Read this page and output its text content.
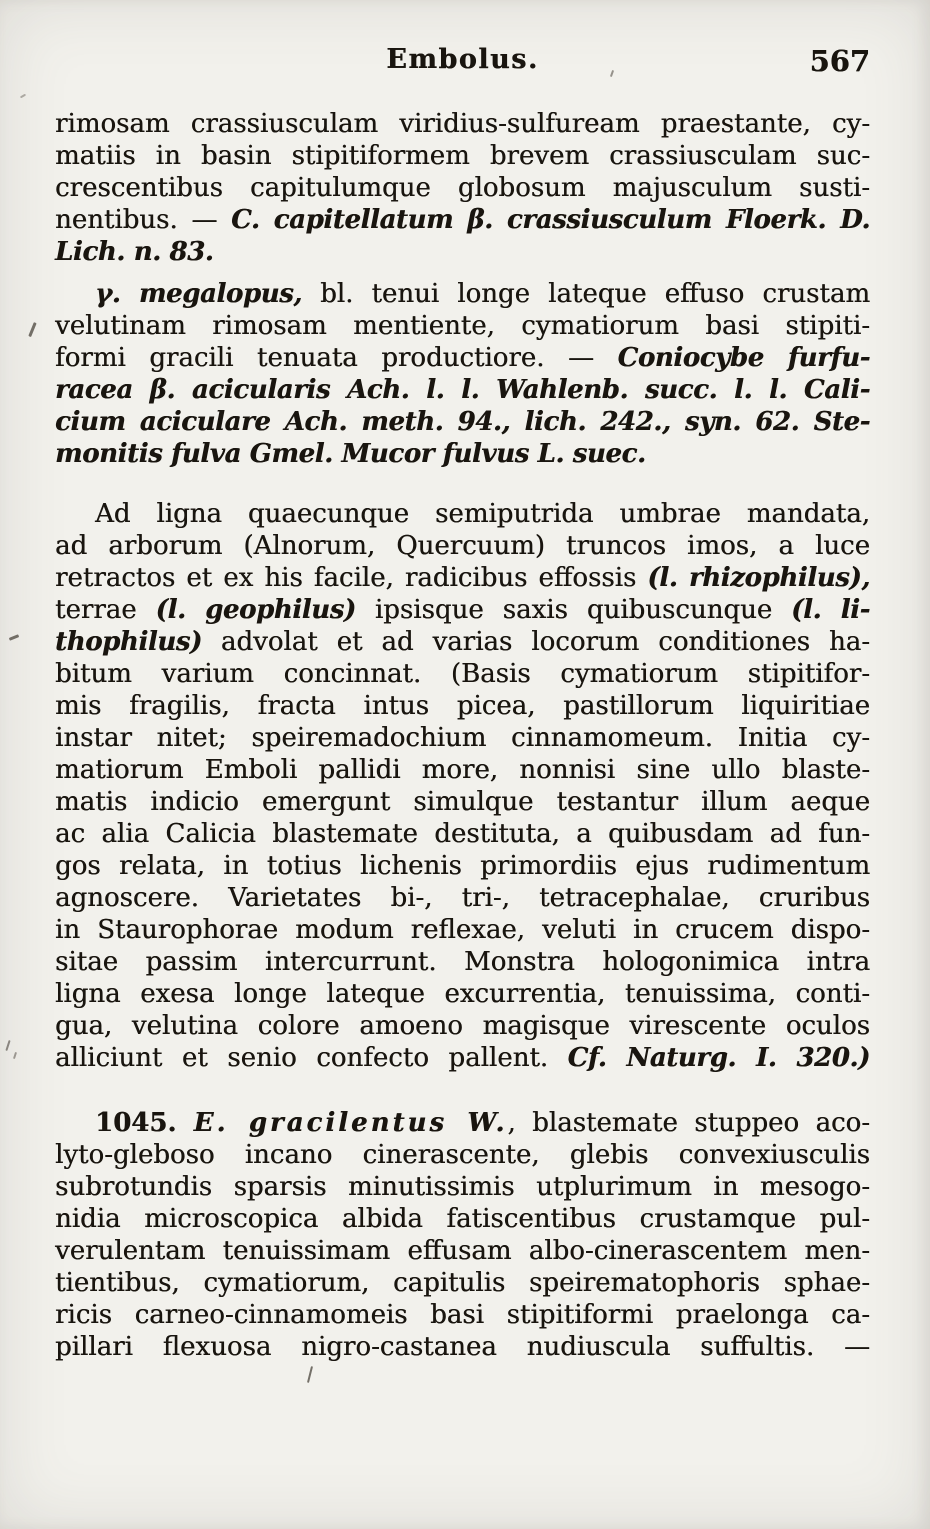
Embolus.	567
rimosam crassiusculam viridius-sulfuream praestante, cy-
matiis in basin stipitiformem brevem crassiusculam suc-
crescentibus capitulumque globosum majusculum susti-
nentibus. — C. capitellatum β. crassiusculum Floerk. D.
Lich. n. 83.
γ. megalopus, bl. tenui longe lateque effuso crustam
velutinam rimosam mentiente, cymatiorum basi stipiti-
formi gracili tenuata productiore. — Coniocybe furfu-
racea β. acicularis Ach. l. l. Wahlenb. succ. l. l. Cali-
cium aciculare Ach. meth. 94., lich. 242., syn. 62. Ste-
monitis fulva Gmel. Mucor fulvus L. suec.
Ad ligna quaecunque semiputrida umbrae mandata,
ad arborum (Alnorum, Quercuum) truncos imos, a luce
retractos et ex his facile, radicibus effossis (l. rhizophilus),
terrae (l. geophilus) ipsisque saxis quibuscunque (l. li-
thophilus) advolat et ad varias locorum conditiones ha-
bitum varium concinnat. (Basis cymatiorum stipitifor-
mis fragilis, fracta intus picea, pastillorum liquiritiae
instar nitet; speiremadochium cinnamomeum. Initia cy-
matiorum Emboli pallidi more, nonnisi sine ullo blaste-
matis indicio emergunt simulque testantur illum aeque
ac alia Calicia blastemate destituta, a quibusdam ad fun-
gos relata, in totius lichenis primordiis ejus rudimentum
agnoscere. Varietates bi-, tri-, tetracephalae, cruribus
in Staurophorae modum reflexae, veluti in crucem dispo-
sitae passim intercurrunt. Monstra hologonimica intra
ligna exesa longe lateque excurrentia, tenuissima, conti-
gua, velutina colore amoeno magisque virescente oculos
alliciunt et senio confecto pallent. Cf. Naturg. I. 320.)
1045. E. gracilentus W., blastemate stuppeo aco-
lyto-gleboso incano cinerascente, glebis convexiusculis
subrotundis sparsis minutissimis utplurimum in mesogo-
nidia microscopica albida fatiscentibus crustamque pul-
verulentam tenuissimam effusam albo-cinerascentem men-
tientibus, cymatiorum, capitulis speirematophoris sphae-
ricis carneo-cinnamomeis basi stipitiformi praelonga ca-
pillari flexuosa nigro-castanea nudiuscula suffultis. —
